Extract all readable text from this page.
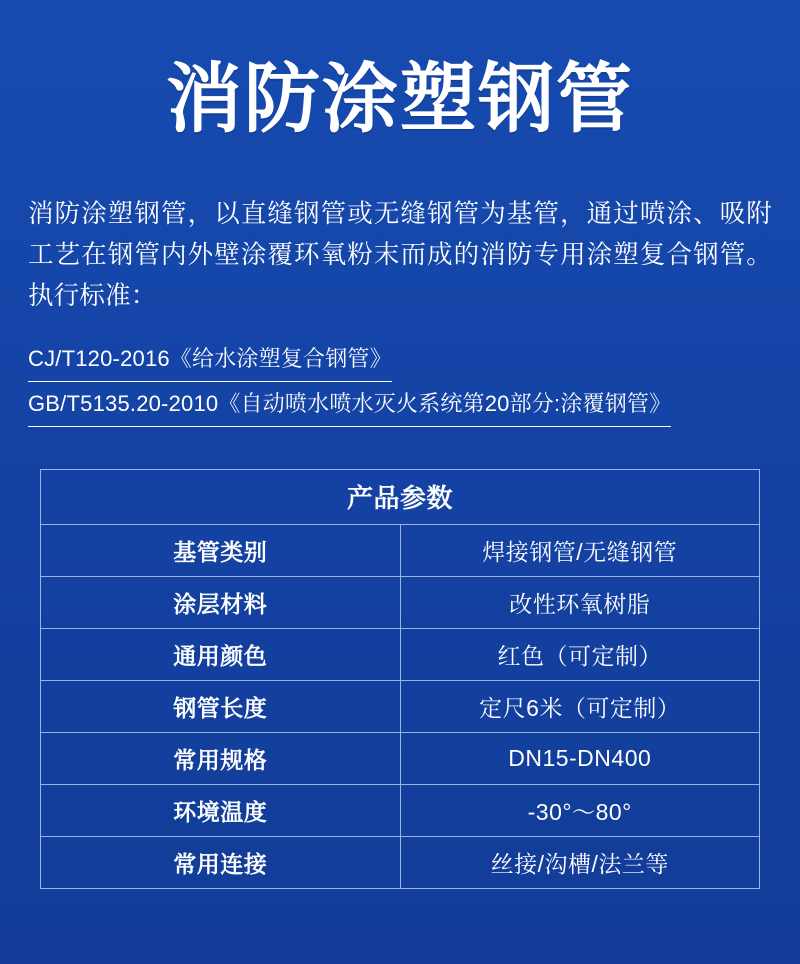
消防涂塑钢管
消防涂塑钢管，以直缝钢管或无缝钢管为基管，通过喷涂、吸附工艺在钢管内外壁涂覆环氧粉末而成的消防专用涂塑复合钢管。执行标准：
CJ/T120-2016《给水涂塑复合钢管》
GB/T5135.20-2010《自动喷水喷水灭火系统第20部分:涂覆钢管》
产品参数	
基管类别	焊接钢管/无缝钢管
涂层材料	改性环氧树脂
通用颜色	红色（可定制）
钢管长度	定尺6米（可定制）
常用规格	DN15-DN400
环境温度	-30°～80°
常用连接	丝接/沟槽/法兰等
